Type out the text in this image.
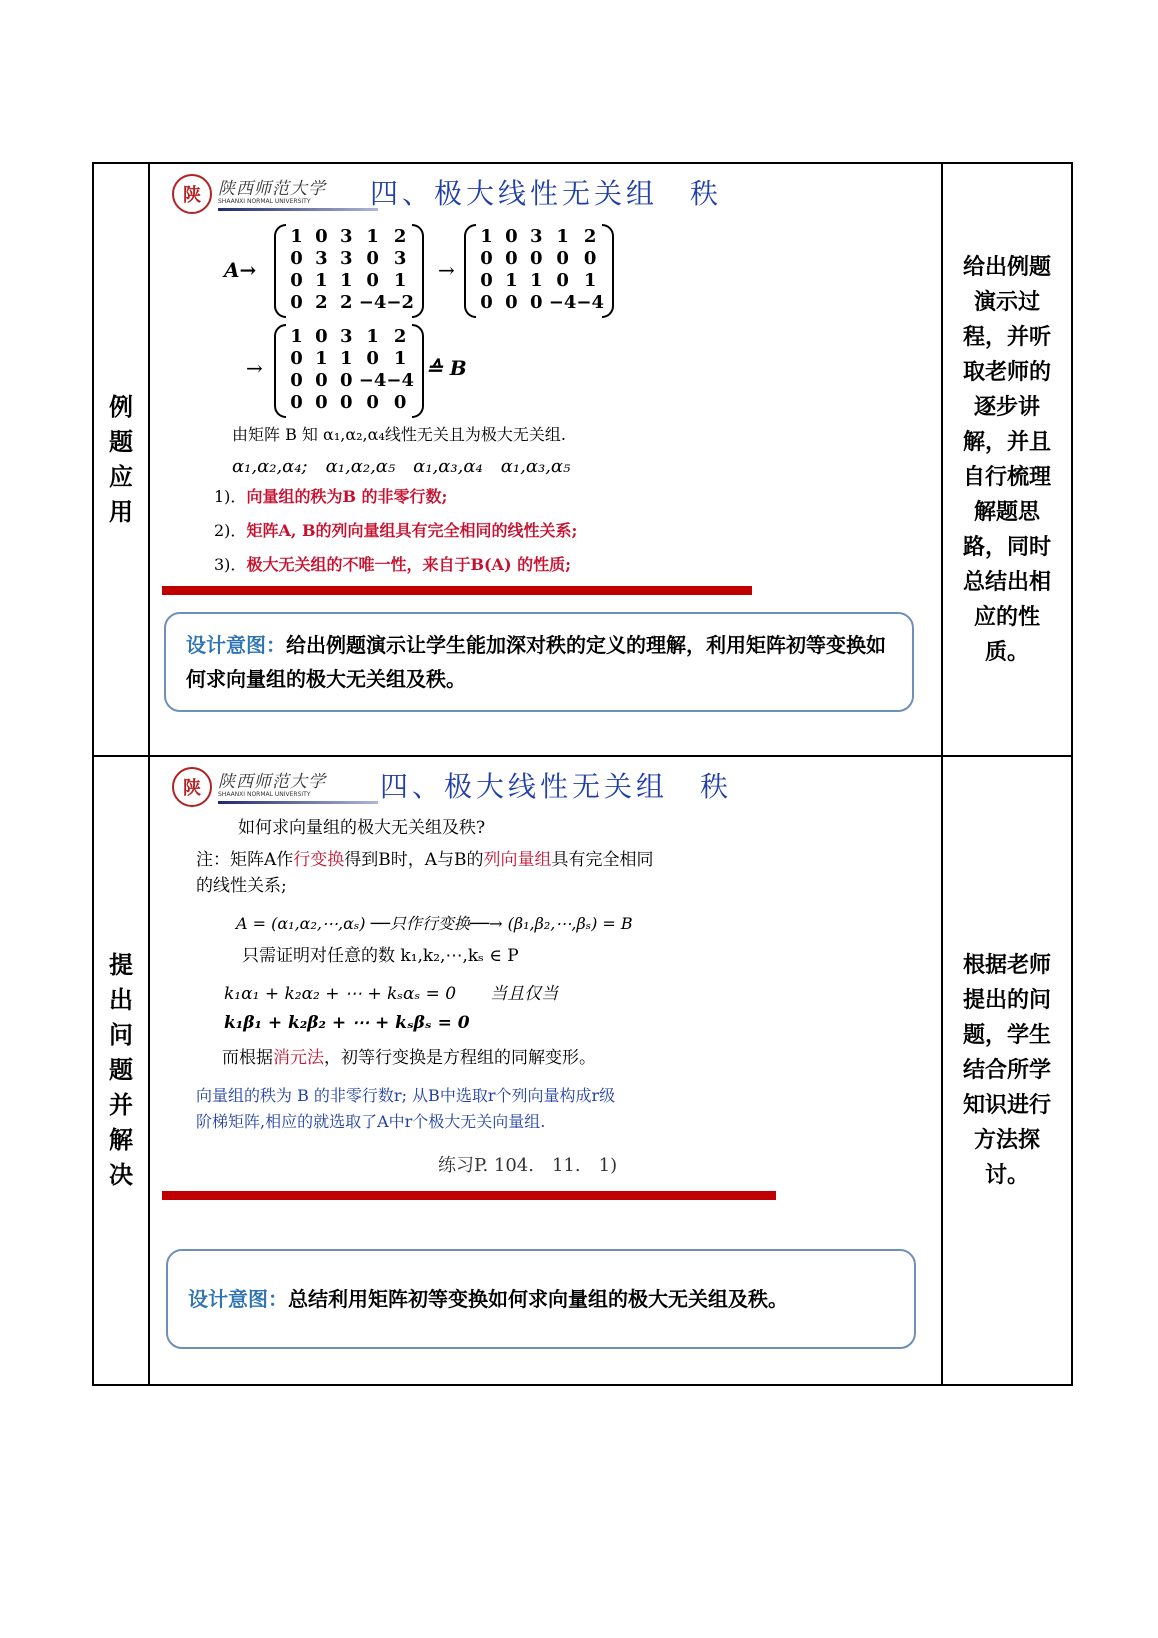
例题应用
陕	陕西师范大学
SHAANXI NORMAL UNIVERSITY 四、极大线性无关组　秩
A→
1 0 3 1 2
0 3 3 0 3
0 1 1 0 1
0 2 2 −4 −2
→
1 0 3 1 2
0 0 0 0 0
0 1 1 0 1
0 0 0 −4 −4
→
1 0 3 1 2
0 1 1 0 1
0 0 0 −4 −4
0 0 0 0 0
≙ B
由矩阵 B 知 α₁,α₂,α₄线性无关且为极大无关组.
α₁,α₂,α₄;　α₁,α₂,α₅　α₁,α₃,α₄　α₁,α₃,α₅
1)．向量组的秩为B 的非零行数;
2)．矩阵A, B的列向量组具有完全相同的线性关系;
3)．极大无关组的不唯一性，来自于B(A) 的性质;
设计意图：给出例题演示让学生能加深对秩的定义的理解，利用矩阵初等变换如何求向量组的极大无关组及秩。
给出例题演示过程，并听取老师的逐步讲解，并且自行梳理解题思路，同时总结出相应的性质。
提出问题并解决
陕	陕西师范大学
SHAANXI NORMAL UNIVERSITY 四、极大线性无关组　秩
如何求向量组的极大无关组及秩?
注：矩阵A作行变换得到B时，A与B的列向量组具有完全相同
的线性关系;
A = (α₁,α₂,⋯,αₛ) ──只作行变换──→ (β₁,β₂,⋯,βₛ) = B
只需证明对任意的数 k₁,k₂,⋯,kₛ ∈ P
k₁α₁ + k₂α₂ + ⋯ + kₛαₛ = 0　　当且仅当
k₁β₁ + k₂β₂ + ⋯ + kₛβₛ = 0
而根据消元法，初等行变换是方程组的同解变形。
向量组的秩为 B 的非零行数r; 从B中选取r个列向量构成r级
阶梯矩阵,相应的就选取了A中r个极大无关向量组.
练习P. 104.　11.　1)
设计意图：总结利用矩阵初等变换如何求向量组的极大无关组及秩。
根据老师提出的问题，学生结合所学知识进行方法探讨。
